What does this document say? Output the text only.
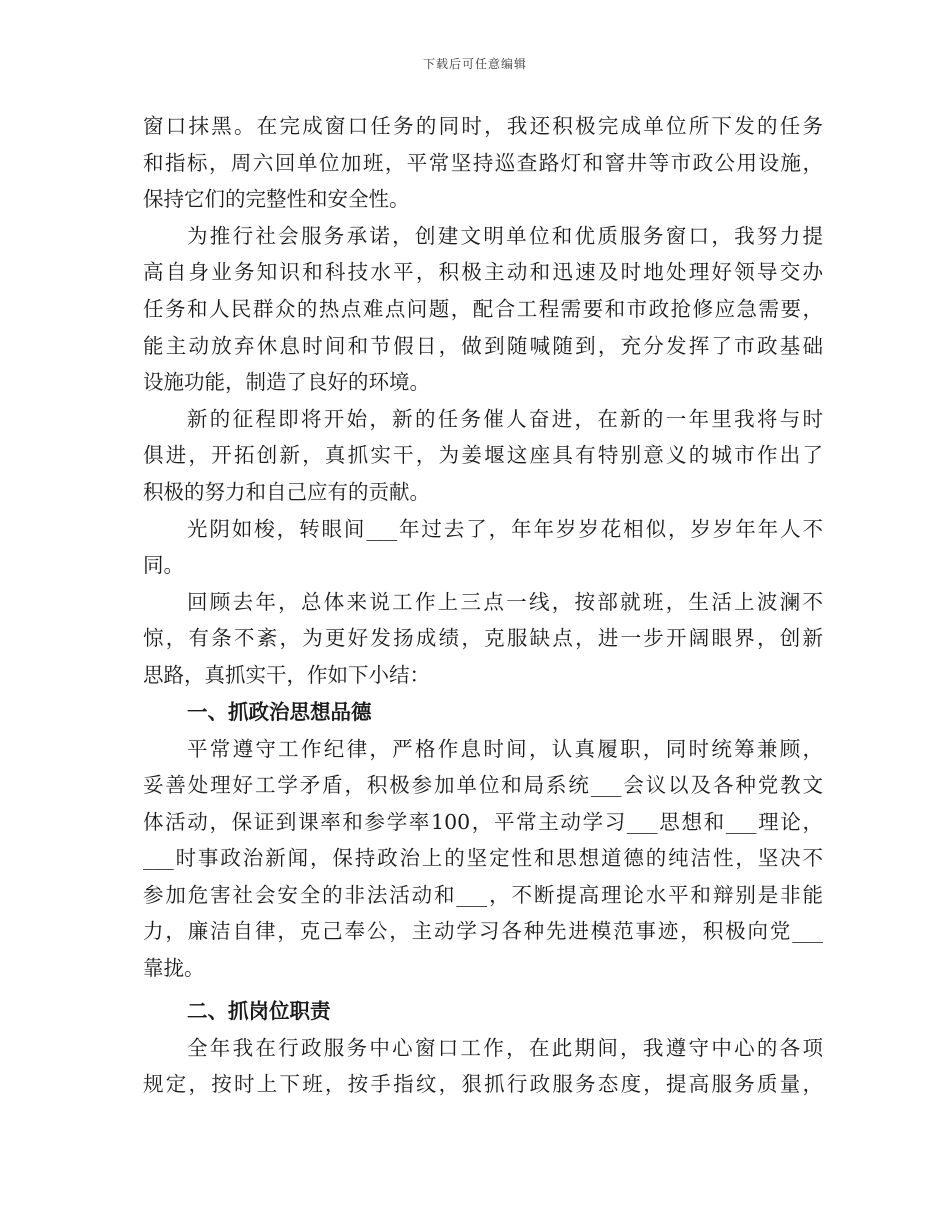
下载后可任意编辑
窗口抹黑。在完成窗口任务的同时，我还积极完成单位所下发的任务
和指标，周六回单位加班，平常坚持巡查路灯和窨井等市政公用设施，
保持它们的完整性和安全性。
为推行社会服务承诺，创建文明单位和优质服务窗口，我努力提
高自身业务知识和科技水平，积极主动和迅速及时地处理好领导交办
任务和人民群众的热点难点问题，配合工程需要和市政抢修应急需要，
能主动放弃休息时间和节假日，做到随喊随到，充分发挥了市政基础
设施功能，制造了良好的环境。
新的征程即将开始，新的任务催人奋进，在新的一年里我将与时
俱进，开拓创新，真抓实干，为姜堰这座具有特别意义的城市作出了
积极的努力和自己应有的贡献。
光阴如梭，转眼间___年过去了，年年岁岁花相似，岁岁年年人不
同。
回顾去年，总体来说工作上三点一线，按部就班，生活上波澜不
惊，有条不紊，为更好发扬成绩，克服缺点，进一步开阔眼界，创新
思路，真抓实干，作如下小结：
一、抓政治思想品德
平常遵守工作纪律，严格作息时间，认真履职，同时统筹兼顾，
妥善处理好工学矛盾，积极参加单位和局系统___会议以及各种党教文
体活动，保证到课率和参学率100，平常主动学习___思想和___理论，
___时事政治新闻，保持政治上的坚定性和思想道德的纯洁性，坚决不
参加危害社会安全的非法活动和___，不断提高理论水平和辩别是非能
力，廉洁自律，克己奉公，主动学习各种先进模范事迹，积极向党___
靠拢。
二、抓岗位职责
全年我在行政服务中心窗口工作，在此期间，我遵守中心的各项
规定，按时上下班，按手指纹，狠抓行政服务态度，提高服务质量，
